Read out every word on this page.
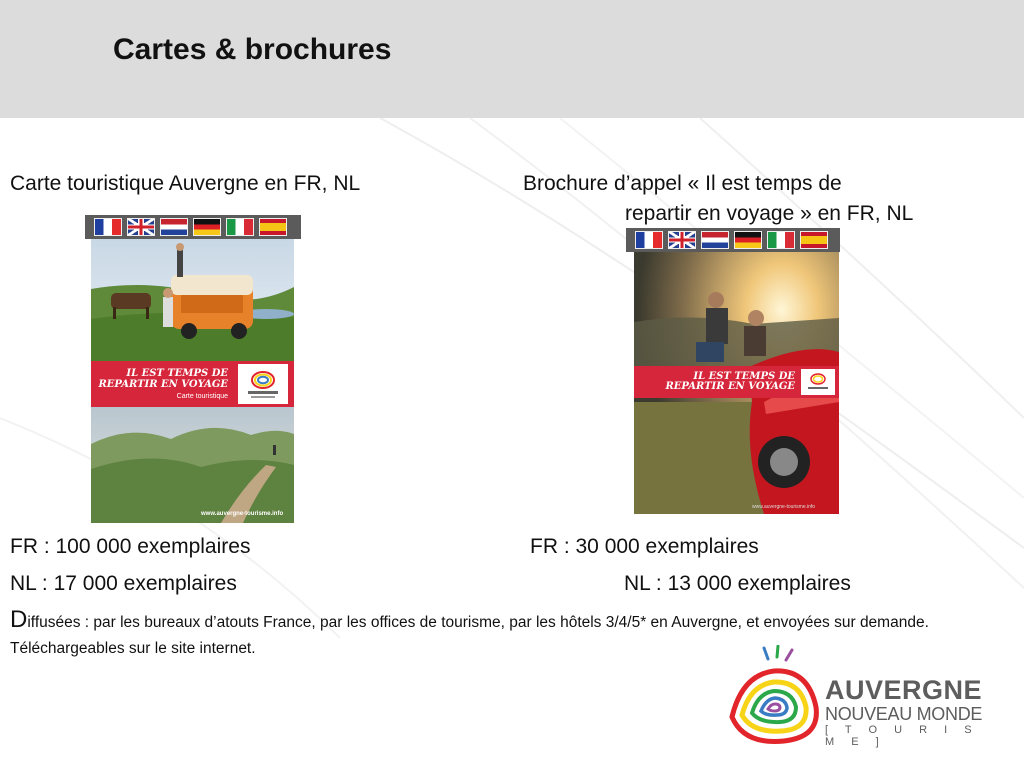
Cartes & brochures
Carte touristique Auvergne en FR, NL
IL EST TEMPS DE
REPARTIR EN VOYAGE
Carte touristique
www.auvergne-tourisme.info
FR : 100 000 exemplaires
NL : 17 000 exemplaires
Brochure d’appel « Il est temps de
repartir en voyage » en FR, NL
IL EST TEMPS DE
REPARTIR EN VOYAGE
www.auvergne-tourisme.info
FR : 30 000 exemplaires
NL : 13 000 exemplaires
Diffusées : par les bureaux d’atouts France, par les offices de tourisme, par les hôtels 3/4/5* en Auvergne, et envoyées sur demande. Téléchargeables sur le site internet.
AUVERGNE
NOUVEAU MONDE
[ T O U R I S M E ]
